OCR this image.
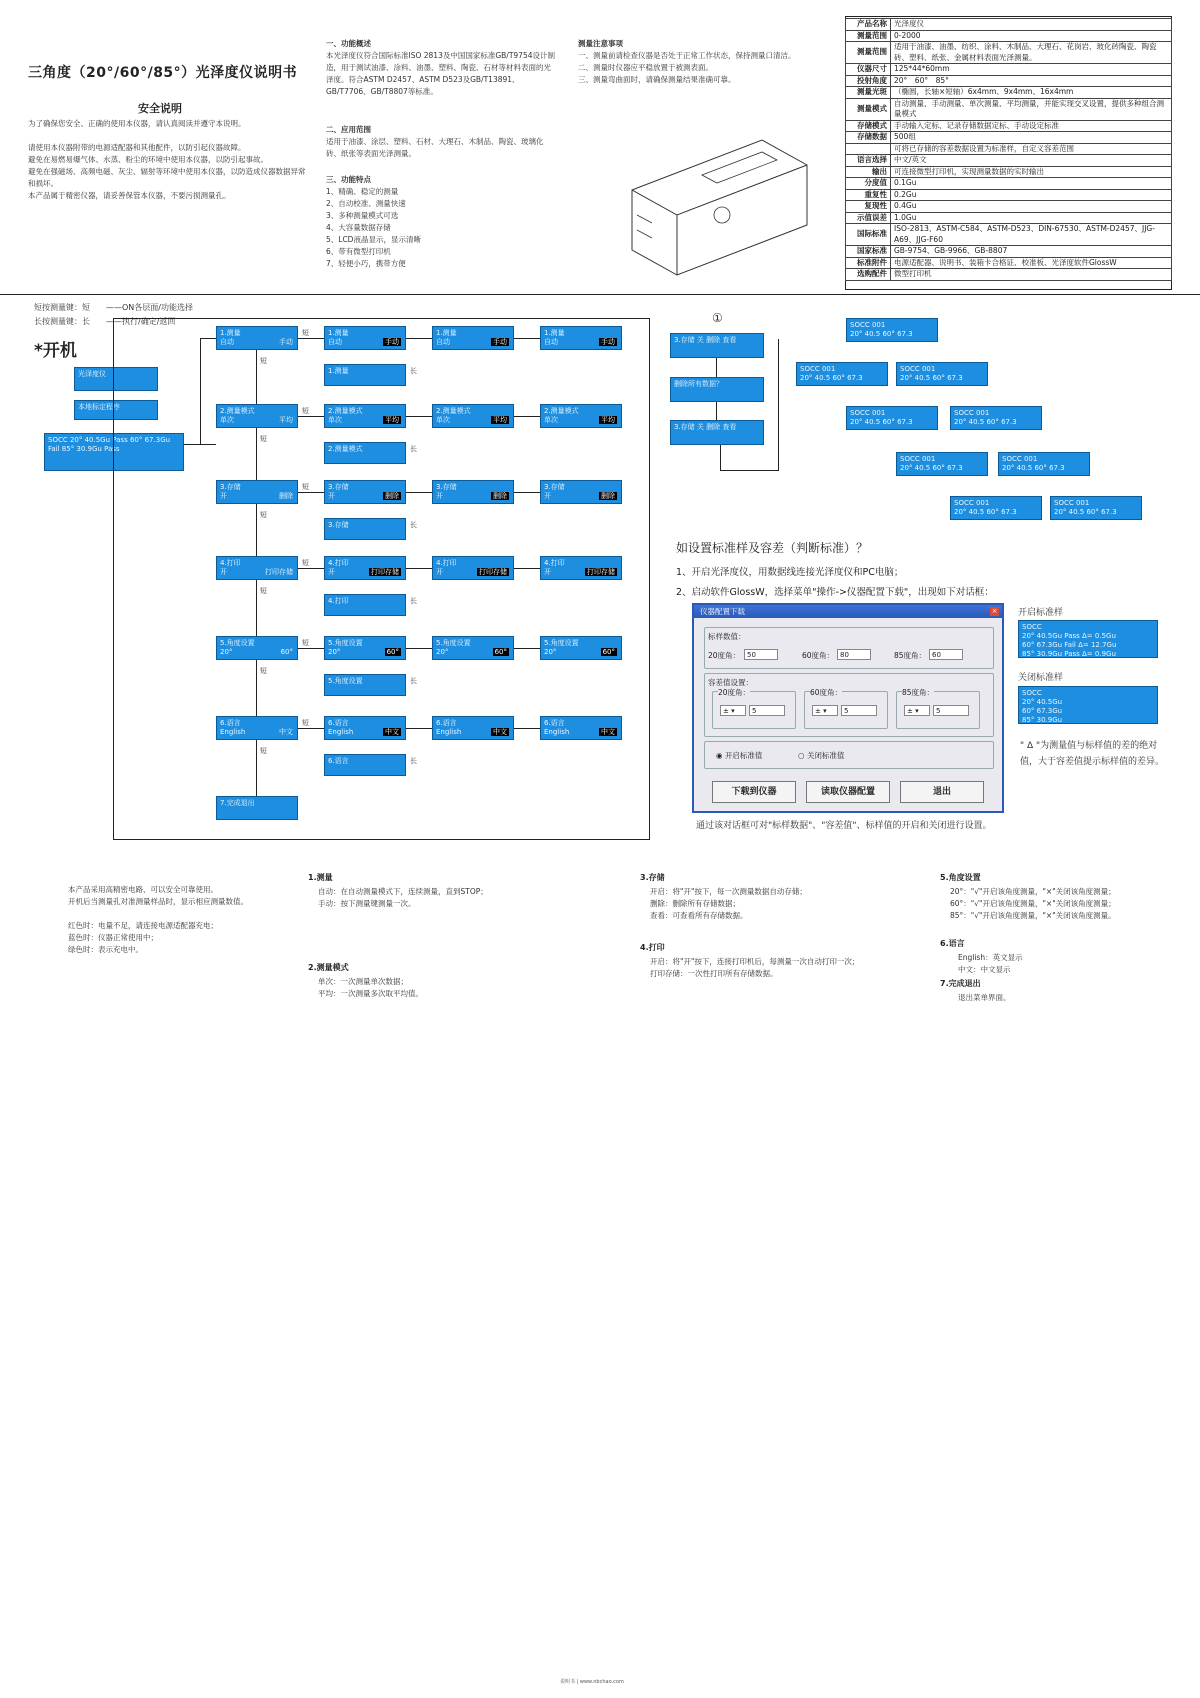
三角度（20°/60°/85°）光泽度仪说明书
安全说明
为了确保您安全、正确的使用本仪器，请认真阅读并遵守本说明。

请使用本仪器附带的电源适配器和其他配件，以防引起仪器故障。
避免在易燃易爆气体、水蒸、粉尘的环境中使用本仪器，以防引起事故。
避免在强磁场、高频电磁、灰尘、辐射等环境中使用本仪器，以防造成仪器数据异常和损坏。
本产品属于精密仪器，请妥善保管本仪器，不要污损测量孔。
一、功能概述
本光泽度仪符合国际标准ISO 2813及中国国家标准GB/T9754设计制造，用于测试油漆、涂料、油墨、塑料、陶瓷、石材等材料表面的光泽度。符合ASTM D2457、ASTM D523及GB/T13891、GB/T7706、GB/T8807等标准。
二、应用范围
适用于油漆、涂层、塑料、石材、大理石、木制品、陶瓷、玻璃化砖、纸张等表面光泽测量。
三、功能特点
1、精确、稳定的测量
2、自动校准、测量快速
3、多种测量模式可选
4、大容量数据存储
5、LCD液晶显示，显示清晰
6、带有微型打印机
7、轻便小巧，携带方便
测量注意事项
一、测量前请检查仪器是否处于正常工作状态，保持测量口清洁。
二、测量时仪器应平稳放置于被测表面。
三、测量弯曲面时，请确保测量结果准确可靠。
产品名称	光泽度仪
测量范围	0-2000
测量范围	适用于油漆、油墨、纺织、涂料、木制品、大理石、花岗岩、玻化砖陶瓷、陶瓷砖、塑料、纸张、金属材料表面光泽测量。
仪器尺寸	125*44*60mm
投射角度	20°　60°　85°
测量光斑	（椭圆，长轴×短轴）6x4mm、9x4mm、16x4mm
测量模式	自动测量、手动测量、单次测量、平均测量，并能实现交叉设置，提供多种组合测量模式
存储模式	手动输入定标、记录存储数据定标、手动设定标准
存储数据	500组
	可将已存储的容差数据设置为标准样，自定义容差范围
语言选择	中文/英文
输出	可连接微型打印机，实现测量数据的实时输出
分度值	0.1Gu
重复性	0.2Gu
复现性	0.4Gu
示值误差	1.0Gu
国际标准	ISO-2813、ASTM-C584、ASTM-D523、DIN-67530、ASTM-D2457、JJG-A69、JJG-F60
国家标准	GB-9754、GB-9966、GB-8807
标准附件	电源适配器、说明书、装箱卡合格证、校准板、光泽度软件GlossW
选购配件	微型打印机
短按测量键：短　　 ——ON各层面/功能选择
长按测量键：长　　 ——执行/确定/返回
*开机
光泽度仪
本地标定程序
SOCC 20° 40.5Gu Pass 60° 67.3Gu Fail 85° 30.9Gu Pass
1.测量
自动	手动
1.测量
自动	手动
1.测量
自动	手动
1.测量
自动	手动
1.测量
短
短
长
2.测量模式
单次	平均
2.测量模式
单次	平均
2.测量模式
单次	平均
2.测量模式
单次	平均
2.测量模式
短
短
长
3.存储
开	删除
3.存储
开	删除
3.存储
开	删除
3.存储
开	删除
3.存储
短
短
长
4.打印
开	打印存储
4.打印
开	打印存储
4.打印
开	打印存储
4.打印
开	打印存储
4.打印
短
短
长
5.角度设置
20°	60°
5.角度设置
20°	60°
5.角度设置
20°	60°
5.角度设置
20°	60°
5.角度设置
短
短
长
6.语言
English	中文
6.语言
English	中文
6.语言
English	中文
6.语言
English	中文
6.语言
短
短
长
7.完成退出
①
3.存储 关 删除 查看
删除所有数据？
3.存储 关 删除 查看
SOCC 001
20° 40.5 60° 67.3
SOCC 001
20° 40.5 60° 67.3
SOCC 001
20° 40.5 60° 67.3
SOCC 001
20° 40.5 60° 67.3
SOCC 001
20° 40.5 60° 67.3
SOCC 001
20° 40.5 60° 67.3
SOCC 001
20° 40.5 60° 67.3
SOCC 001
20° 40.5 60° 67.3
SOCC 001
20° 40.5 60° 67.3
如设置标准样及容差（判断标准）？
1、开启光泽度仪，用数据线连接光泽度仪和PC电脑；
2、启动软件GlossW，选择菜单"操作->仪器配置下载"，出现如下对话框：
仪器配置下载	×
标样数值：
20度角： 50	60度角： 80	85度角： 60
容差值设置：
20度角：
± ▾	5
60度角：
± ▾	5
85度角：
± ▾	5
◉ 开启标准值	○ 关闭标准值
下载到仪器	读取仪器配置	退出
通过该对话框可对"标样数据"、"容差值"、标样值的开启和关闭进行设置。
开启标准样
SOCC
20° 40.5Gu Pass Δ= 0.5Gu
60° 67.3Gu Fail Δ= 12.7Gu
85° 30.9Gu Pass Δ= 0.9Gu
关闭标准样
SOCC
20° 40.5Gu
60° 67.3Gu
85° 30.9Gu
" Δ "为测量值与标样值的差的绝对值，大于容差值提示标样值的差异。
本产品采用高精密电路、可以安全可靠使用。
开机后当测量孔对准测量样品时，显示相应测量数值。

红色时：电量不足，请连接电源适配器充电；
蓝色时：仪器正常使用中；
绿色时：表示充电中。
1.测量
自动：在自动测量模式下，连续测量，直到STOP；
手动：按下测量键测量一次。
2.测量模式
单次：一次测量单次数据；
平均：一次测量多次取平均值。
3.存储
开启：将"开"按下，每一次测量数据自动存储；
删除：删除所有存储数据；
查看：可查看所有存储数据。
4.打印
开启：将"开"按下，连接打印机后，每测量一次自动打印一次；
打印存储：一次性打印所有存储数据。
5.角度设置
20°："√"开启该角度测量，"×"关闭该角度测量；
60°："√"开启该角度测量，"×"关闭该角度测量；
85°："√"开启该角度测量，"×"关闭该角度测量。
6.语言
English：英文显示
中文：中文显示
7.完成退出
退出菜单界面。
说明书 | www.nbchao.com
